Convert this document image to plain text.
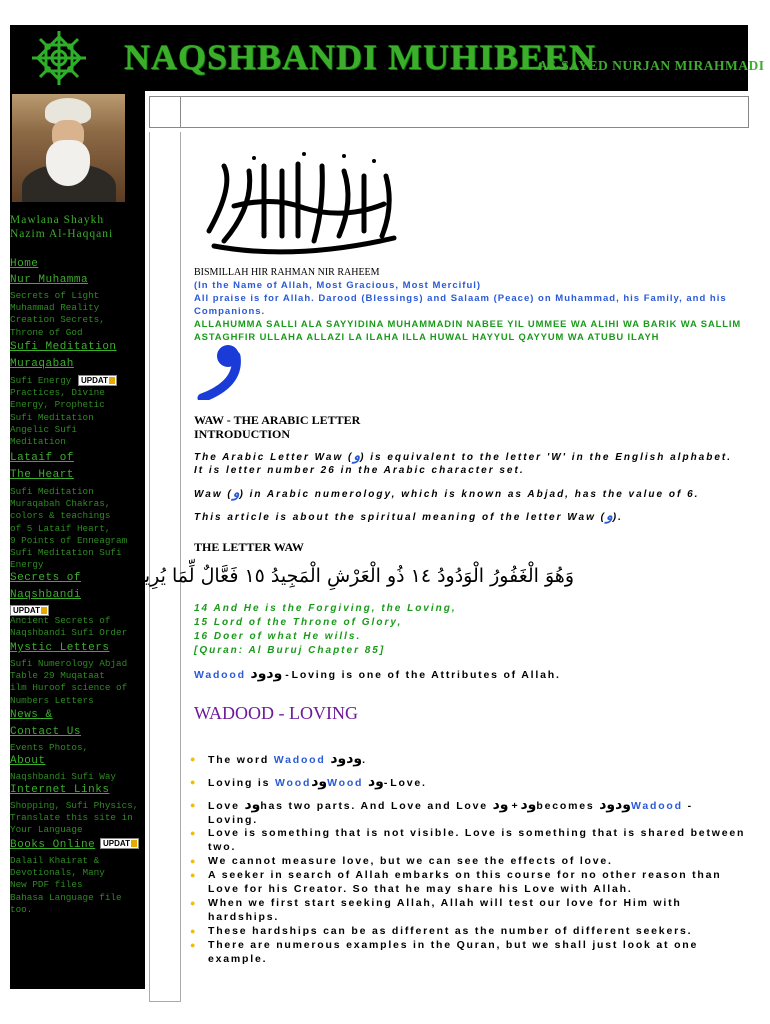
NAQSHBANDI MUHIBEEN
AS-SAYED NURJAN MIRAHMADI
Mawlana Shaykh
Nazim Al-Haqqani
Home
Nur Muhamma
Secrets of Light
Muhammad Reality
Creation Secrets,
Throne of God
Sufi Meditation
Muraqabah
Sufi Energy
Practices, Divine
Energy, Prophetic
Sufi Meditation
Angelic Sufi
Meditation
UPDAT
Lataif of
The Heart
Sufi Meditation
Muraqabah Chakras,
colors & teachings
of 5 Lataif Heart,
9 Points of Enneagram
Sufi Meditation Sufi
Energy
Secrets of
Naqshbandi
UPDAT
Ancient Secrets of
Naqshbandi Sufi Order
Mystic Letters
Sufi Numerology Abjad
Table 29 Muqataat
ilm Huroof science of
Numbers Letters
News &
Contact Us
Events Photos,
About
Naqshbandi Sufi Way
Internet Links
Shopping, Sufi Physics,
Translate this site in
Your Language
Books Online UPDAT
Dalail Khairat &
Devotionals, Many
New PDF files
Bahasa Language file
too.
BISMILLAH HIR RAHMAN NIR RAHEEM
(In the Name of Allah, Most Gracious, Most Merciful)
All praise is for Allah. Darood (Blessings) and Salaam (Peace) on Muhammad, his Family, and his Companions.
ALLAHUMMA SALLI ALA SAYYIDINA MUHAMMADIN NABEE YIL UMMEE WA ALIHI WA BARIK WA SALLIM
ASTAGHFIR ULLAHA ALLAZI LA ILAHA ILLA HUWAL HAYYUL QAYYUM WA ATUBU ILAYH
WAW - THE ARABIC LETTER
INTRODUCTION
The Arabic Letter Waw (و) is equivalent to the letter 'W' in the English alphabet.
It is letter number 26 in the Arabic character set.
Waw (و) in Arabic numerology, which is known as Abjad, has the value of 6.
This article is about the spiritual meaning of the letter Waw (و).
THE LETTER WAW
وَهُوَ الْغَفُورُ الْوَدُودُ ١٤ ذُو الْعَرْشِ الْمَجِيدُ ١٥ فَعَّالٌ لِّمَا يُرِيدُ ١٦
14 And He is the Forgiving, the Loving,
15 Lord of the Throne of Glory,
16 Doer of what He wills.
[Quran: Al Buruj Chapter 85]
Wadood ودود - Loving is one of the Attributes of Allah.
WADOOD - LOVING
● The word Wadood ودود.
● Loving is WoodودWood ود- Love.
● Love ودhas two parts. And Love and Love ود + ود	becomes ودودWadood -
Loving.
● Love is something that is not visible. Love is something that is shared between two.
● We cannot measure love, but we can see the effects of love.
● A seeker in search of Allah embarks on this course for no other reason than Love for his Creator. So that he may share his Love with Allah.
● When we first start seeking Allah, Allah will test our love for Him with hardships.
● These hardships can be as different as the number of different seekers.
● There are numerous examples in the Quran, but we shall just look at one example.
